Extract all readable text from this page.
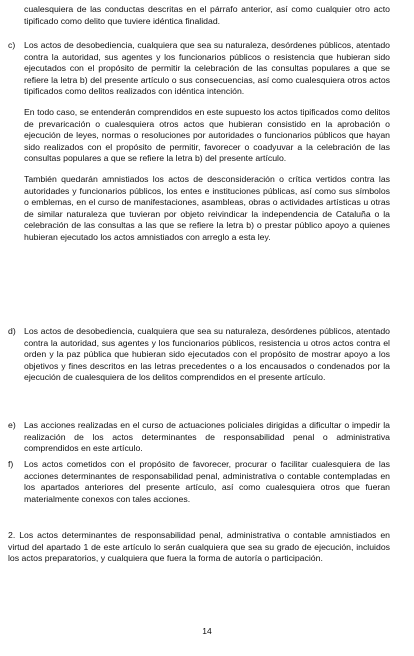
cualesquiera de las conductas descritas en el párrafo anterior, así como cualquier otro acto tipificado como delito que tuviere idéntica finalidad.

c)	Los actos de desobediencia, cualquiera que sea su naturaleza, desórdenes públicos, atentado contra la autoridad, sus agentes y los funcionarios públicos o resistencia que hubieran sido ejecutados con el propósito de permitir la celebración de las consultas populares a que se refiere la letra b) del presente artículo o sus consecuencias, así como cualesquiera otros actos tipificados como delitos realizados con idéntica intención.

En todo caso, se entenderán comprendidos en este supuesto los actos tipificados como delitos de prevaricación o cualesquiera otros actos que hubieran consistido en la aprobación o ejecución de leyes, normas o resoluciones por autoridades o funcionarios públicos que hayan sido realizados con el propósito de permitir, favorecer o coadyuvar a la celebración de las consultas populares a que se refiere la letra b) del presente artículo.

También quedarán amnistiados los actos de desconsideración o crítica vertidos contra las autoridades y funcionarios públicos, los entes e instituciones públicas, así como sus símbolos o emblemas, en el curso de manifestaciones, asambleas, obras o actividades artísticas u otras de similar naturaleza que tuvieran por objeto reivindicar la independencia de Cataluña o la celebración de las consultas a las que se refiere la letra b) o prestar público apoyo a quienes hubieran ejecutado los actos amnistiados con arreglo a esta ley.

d) Los actos de desobediencia, cualquiera que sea su naturaleza, desórdenes públicos, atentado contra la autoridad, sus agentes y los funcionarios públicos, resistencia u otros actos contra el orden y la paz pública que hubieran sido ejecutados con el propósito de mostrar apoyo a los objetivos y fines descritos en las letras precedentes o a los encausados o condenados por la ejecución de cualesquiera de los delitos comprendidos en el presente artículo.

e) Las acciones realizadas en el curso de actuaciones policiales dirigidas a dificultar o impedir la realización de los actos determinantes de responsabilidad penal o administrativa comprendidos en este artículo.

f)	Los actos cometidos con el propósito de favorecer, procurar o facilitar cualesquiera de las acciones determinantes de responsabilidad penal, administrativa o contable contempladas en los apartados anteriores del presente artículo, así como cualesquiera otros que fueran materialmente conexos con tales acciones.

2. Los actos determinantes de responsabilidad penal, administrativa o contable amnistiados en virtud del apartado 1 de este artículo lo serán cualquiera que sea su grado de ejecución, incluidos los actos preparatorios, y cualquiera que fuera la forma de autoría o participación.

14
